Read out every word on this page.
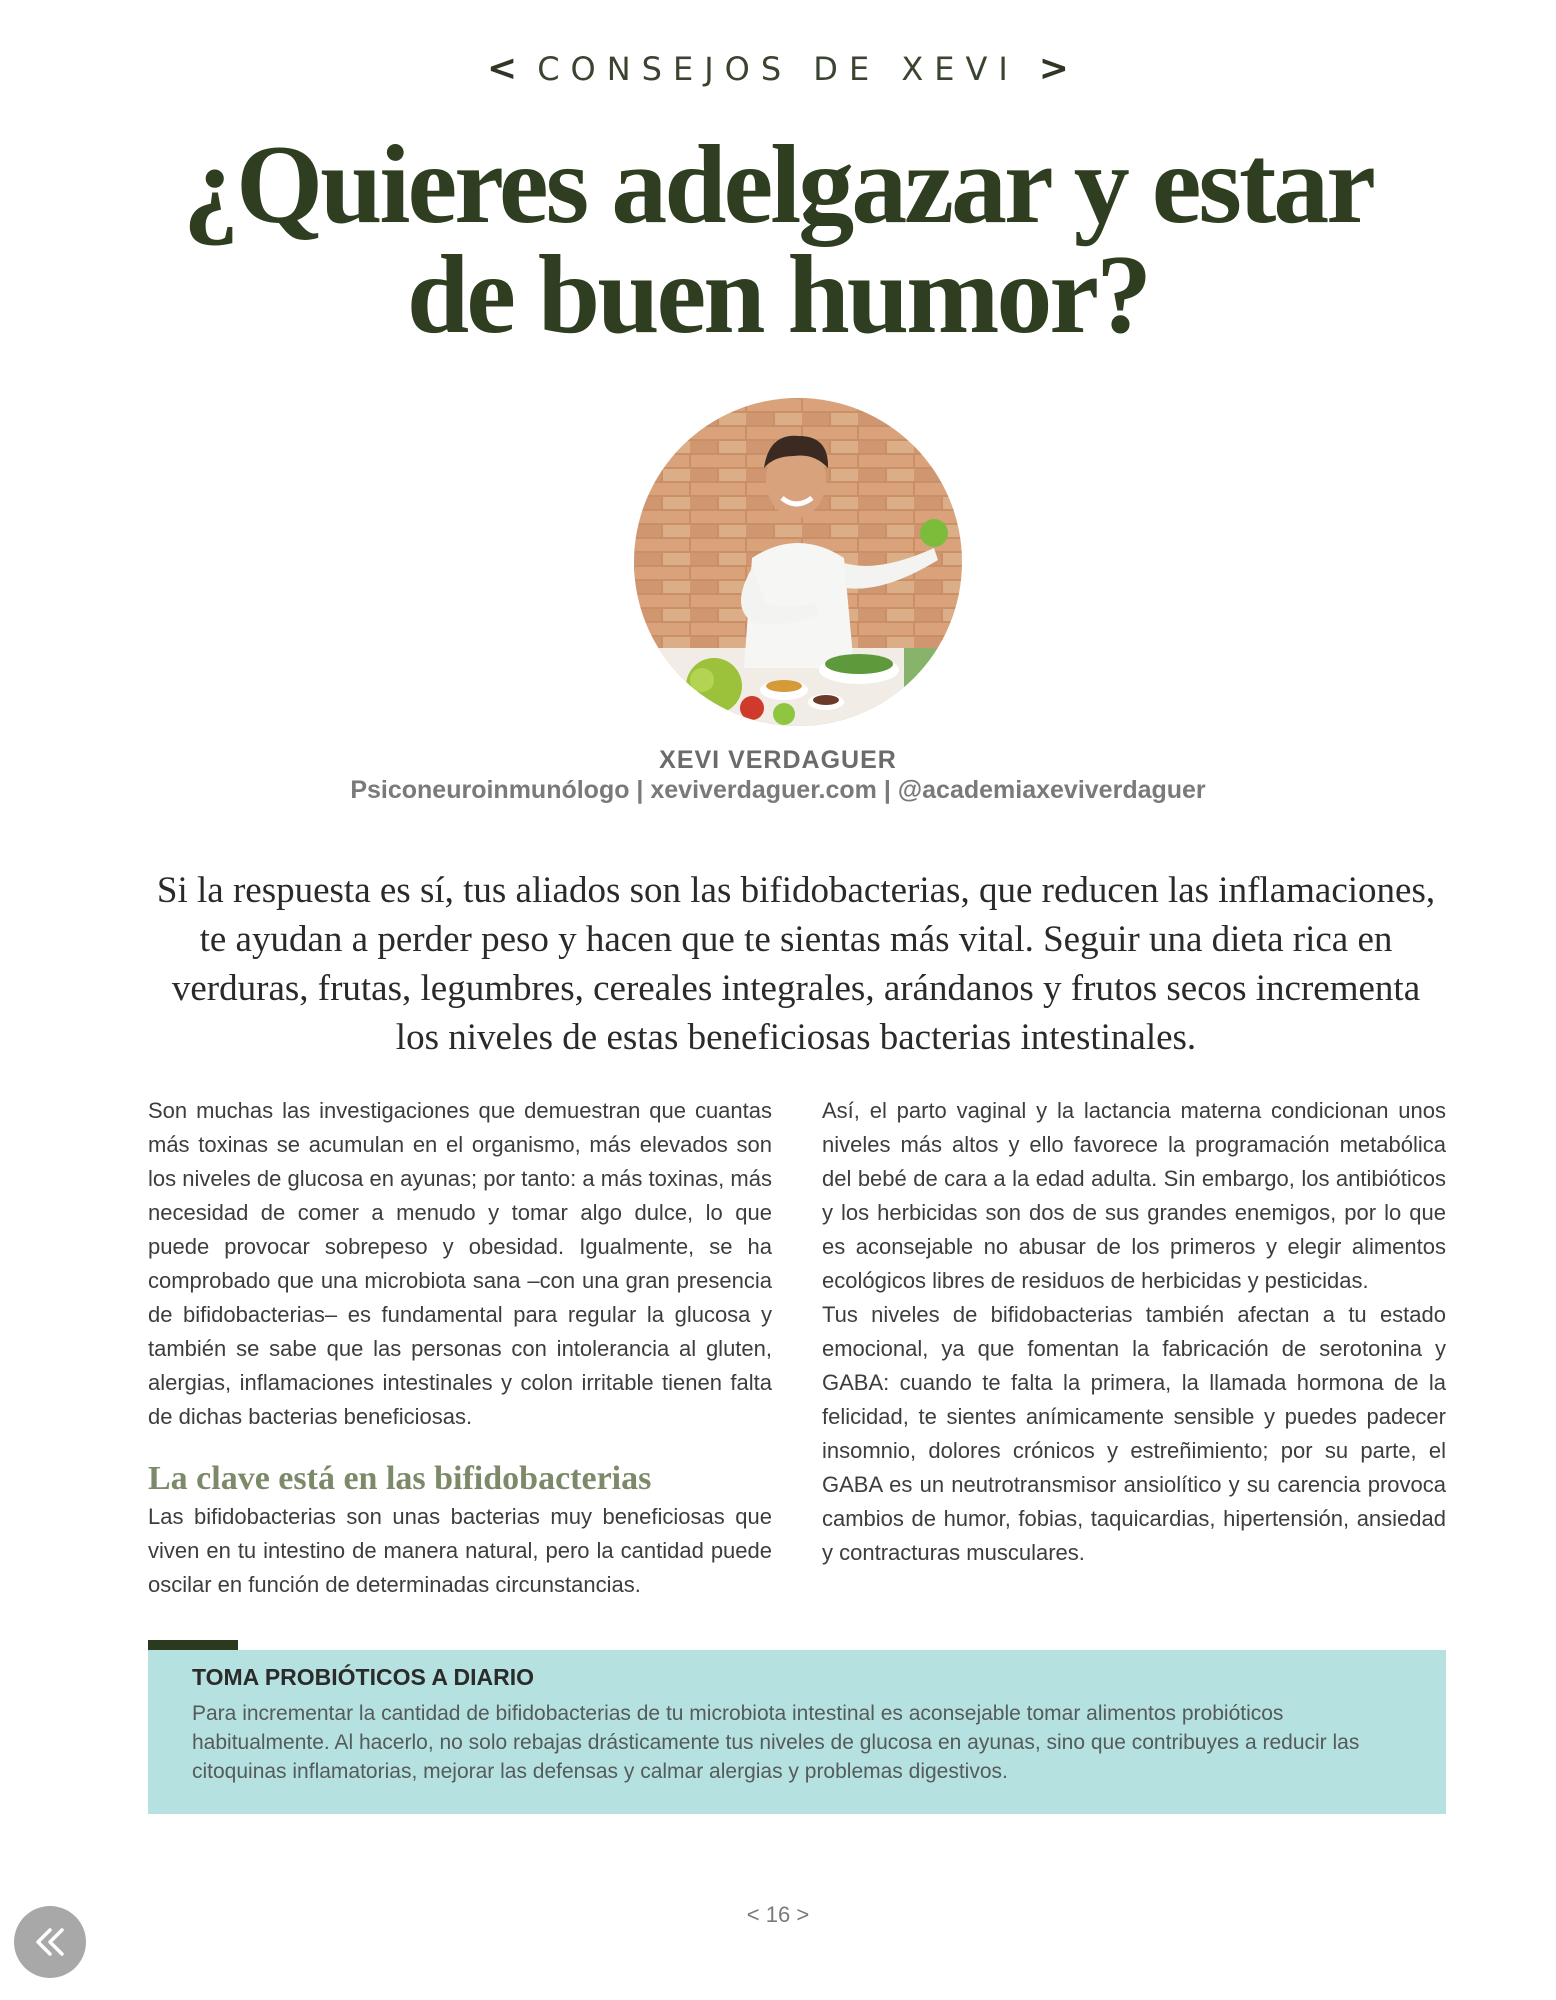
< CONSEJOS DE XEVI >
¿Quieres adelgazar y estar de buen humor?
XEVI VERDAGUER
Psiconeuroinmunólogo | xeviverdaguer.com | @academiaxeviverdaguer

Si la respuesta es sí, tus aliados son las bifidobacterias, que reducen las inflamaciones, te ayudan a perder peso y hacen que te sientas más vital. Seguir una dieta rica en verduras, frutas, legumbres, cereales integrales, arándanos y frutos secos incrementa los niveles de estas beneficiosas bacterias intestinales.

Son muchas las investigaciones que demuestran que cuantas más toxinas se acumulan en el organismo, más elevados son los niveles de glucosa en ayunas; por tanto: a más toxinas, más necesidad de comer a menudo y tomar algo dulce, lo que puede provocar sobrepeso y obesidad. Igualmente, se ha comprobado que una microbiota sana –con una gran presencia de bifidobacterias– es fundamental para regular la glucosa y también se sabe que las personas con intolerancia al gluten, alergias, inflamaciones intestinales y colon irritable tienen falta de dichas bacterias beneficiosas.

La clave está en las bifidobacterias

Las bifidobacterias son unas bacterias muy beneficiosas que viven en tu intestino de manera natural, pero la cantidad puede oscilar en función de determinadas circunstancias.

Así, el parto vaginal y la lactancia materna condicionan unos niveles más altos y ello favorece la programación metabólica del bebé de cara a la edad adulta. Sin embargo, los antibióticos y los herbicidas son dos de sus grandes enemigos, por lo que es aconsejable no abusar de los primeros y elegir alimentos ecológicos libres de residuos de herbicidas y pesticidas.

Tus niveles de bifidobacterias también afectan a tu estado emocional, ya que fomentan la fabricación de serotonina y GABA: cuando te falta la primera, la llamada hormona de la felicidad, te sientes anímicamente sensible y puedes padecer insomnio, dolores crónicos y estreñimiento; por su parte, el GABA es un neutrotransmisor ansiolítico y su carencia provoca cambios de humor, fobias, taquicardias, hipertensión, ansiedad y contracturas musculares.

TOMA PROBIÓTICOS A DIARIO

Para incrementar la cantidad de bifidobacterias de tu microbiota intestinal es aconsejable tomar alimentos probióticos habitualmente. Al hacerlo, no solo rebajas drásticamente tus niveles de glucosa en ayunas, sino que contribuyes a reducir las citoquinas inflamatorias, mejorar las defensas y calmar alergias y problemas digestivos.

< 16 >
